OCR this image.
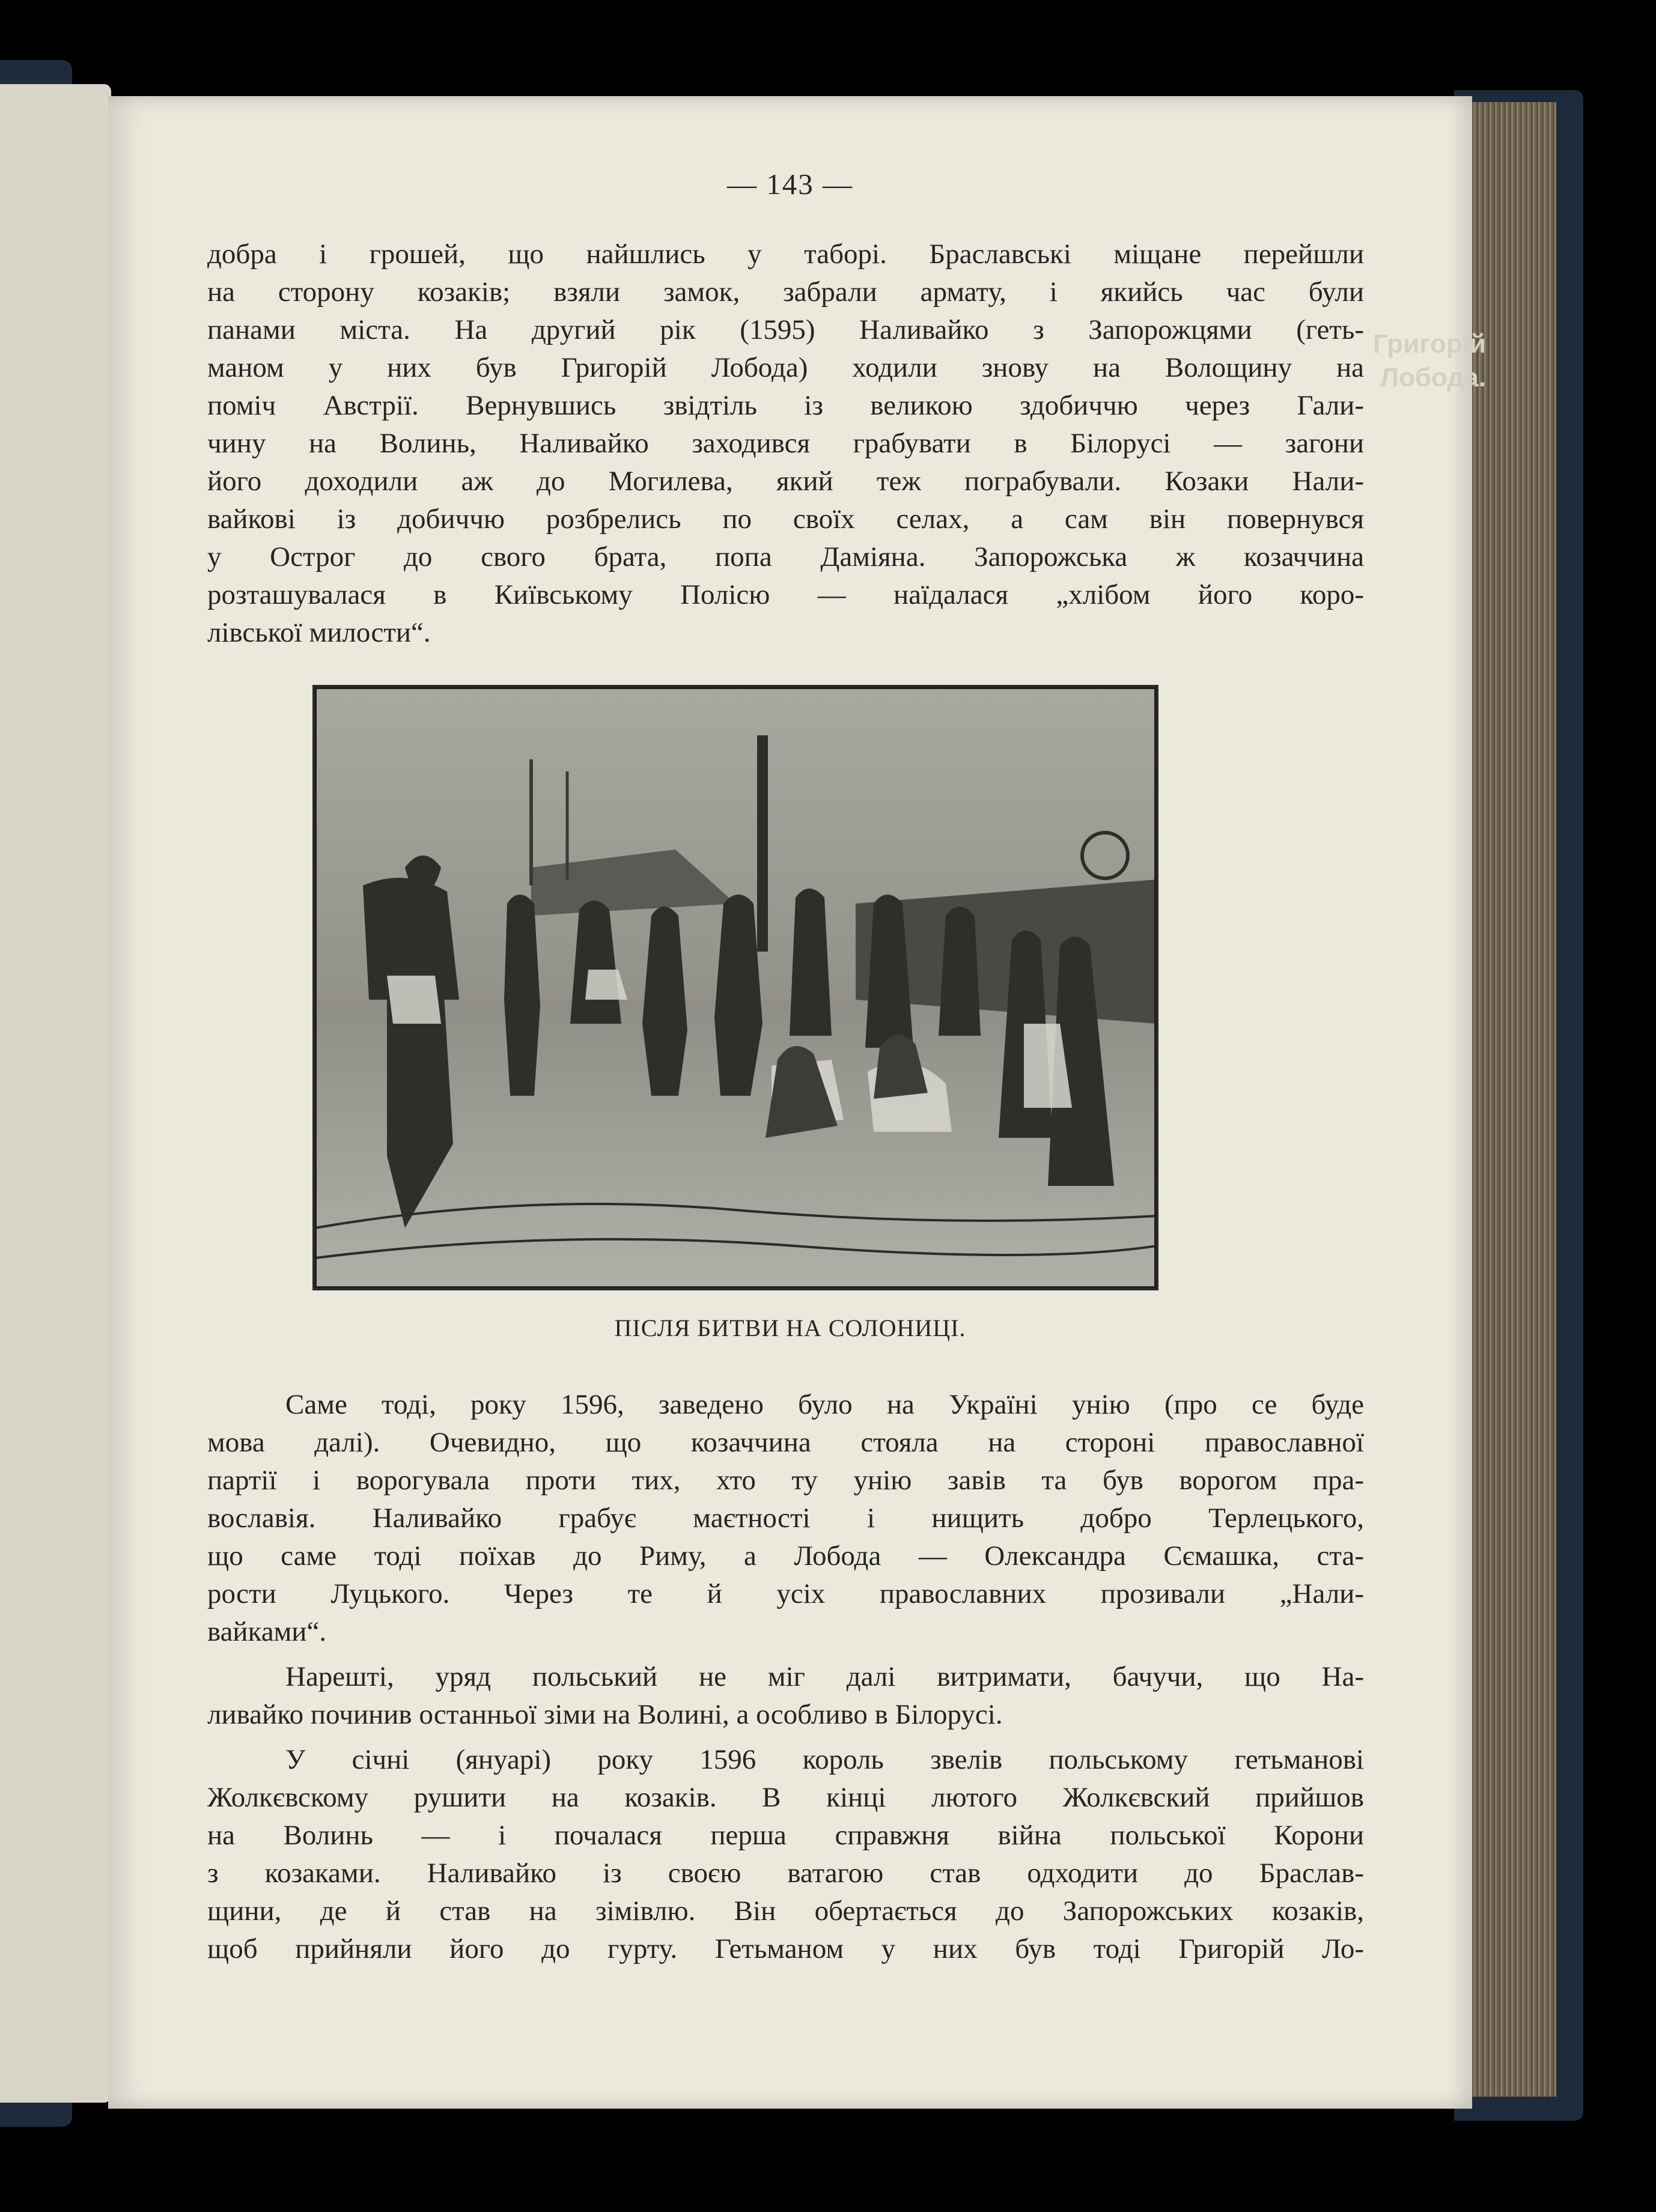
Григорій
Лобода.
— 143 —

добра і грошей, що найшлись у таборі. Браславські міщане перейшли

на сторону козаків; взяли замок, забрали армату, і якийсь час були

панами міста. На другий рік (1595) Наливайко з Запорожцями (геть-

маном у них був Григорій Лобода) ходили знову на Волощину на

поміч Австрії. Вернувшись звідтіль із великою здобиччю через Гали-

чину на Волинь, Наливайко заходився грабувати в Білорусі — загони

його доходили аж до Могилева, який теж пограбували. Козаки Нали-

вайкові із добиччю розбрелись по своїх селах, а сам він повернувся

у Острог до свого брата, попа Даміяна. Запорожська ж козаччина

розташувалася в Київському Полісю — наїдалася „хлібом його коро-

лівської милости“.

ПІСЛЯ БИТВИ НА СОЛОНИЦІ.

Саме тоді, року 1596, заведено було на Україні унію (про се буде

мова далі). Очевидно, що козаччина стояла на стороні православної

партії і ворогувала проти тих, хто ту унію завів та був ворогом пра-

вославія. Наливайко грабує маєтності і нищить добро Терлецького,

що саме тоді поїхав до Риму, а Лобода — Олександра Сємашка, ста-

рости Луцького. Через те й усіх православних прозивали „Нали-

вайками“.

Нарешті, уряд польський не міг далі витримати, бачучи, що На-

ливайко починив останньої зіми на Волині, а особливо в Білорусі.

У січні (януарі) року 1596 король звелів польському гетьманові

Жолкєвскому рушити на козаків. В кінці лютого Жолкєвский прийшов

на Волинь — і почалася перша справжня війна польської Корони

з козаками. Наливайко із своєю ватагою став одходити до Браслав-

щини, де й став на зімівлю. Він обертається до Запорожських козаків,

щоб прийняли його до гурту. Гетьманом у них був тоді Григорій Ло-
